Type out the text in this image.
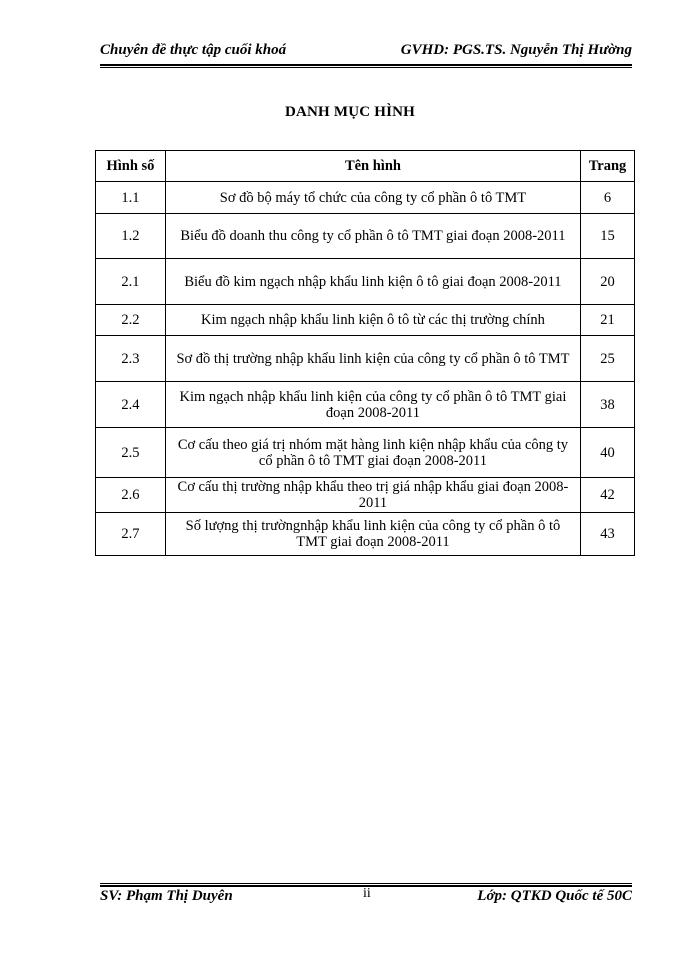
Chuyên đề thực tập cuối khoá	GVHD: PGS.TS. Nguyễn Thị Hường
DANH MỤC HÌNH
Hình số	Tên hình	Trang
1.1	Sơ đồ bộ máy tổ chức của công ty cổ phần ô tô TMT	6
1.2	Biểu đồ doanh thu công ty cổ phần ô tô TMT giai đoạn 2008-2011	15
2.1	Biểu đồ kim ngạch nhập khẩu linh kiện ô tô giai đoạn 2008-2011	20
2.2	Kim ngạch nhập khẩu linh kiện ô tô từ các thị trường chính	21
2.3	Sơ đồ thị trường nhập khẩu linh kiện của công ty cổ phần ô tô TMT	25
2.4	Kim ngạch nhập khẩu linh kiện của công ty cổ phần ô tô TMT giai đoạn 2008-2011	38
2.5	Cơ cấu theo giá trị nhóm mặt hàng linh kiện nhập khẩu của công ty cổ phần ô tô TMT giai đoạn 2008-2011	40
2.6	Cơ cấu thị trường nhập khẩu theo trị giá nhập khẩu giai đoạn 2008-2011	42
2.7	Số lượng thị trườngnhập khẩu linh kiện của công ty cổ phần ô tô TMT giai đoạn 2008-2011	43
SV: Phạm Thị Duyên	ii	Lớp: QTKD Quốc tế 50C
